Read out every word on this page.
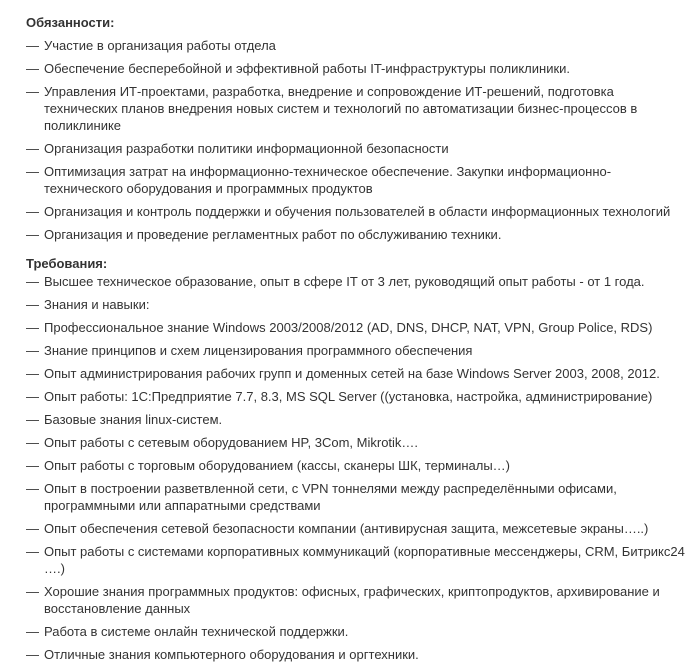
Обязанности:
— Участие в организация работы отдела
— Обеспечение бесперебойной и эффективной работы IT-инфраструктуры поликлиники.
— Управления ИТ-проектами, разработка, внедрение и сопровождение ИТ-решений, подготовка технических планов внедрения новых систем и технологий по автоматизации бизнес-процессов в поликлинике
— Организация разработки политики информационной безопасности
— Оптимизация затрат на информационно-техническое обеспечение. Закупки информационно-технического оборудования и программных продуктов
— Организация и контроль поддержки и обучения пользователей в области информационных технологий
— Организация и проведение регламентных работ по обслуживанию техники.
Требования:
— Высшее техническое образование, опыт в сфере IT от 3 лет, руководящий опыт работы - от 1 года.
— Знания и навыки:
— Профессиональное знание Windows 2003/2008/2012 (AD, DNS, DHCP, NAT, VPN, Group Police, RDS)
— Знание принципов и схем лицензирования программного обеспечения
— Опыт администрирования рабочих групп и доменных сетей на базе Windows Server 2003, 2008, 2012.
— Опыт работы: 1С:Предприятие 7.7, 8.3, MS SQL Server ((установка, настройка, администрирование)
— Базовые знания linux-систем.
— Опыт работы с сетевым оборудованием HP, 3Com, Mikrotik….
— Опыт работы с торговым оборудованием (кассы, сканеры ШК, терминалы…)
— Опыт в построении разветвленной сети, с VPN тоннелями между распределёнными офисами, программными или аппаратными средствами
— Опыт обеспечения сетевой безопасности компании (антивирусная защита, межсетевые экраны…..)
— Опыт работы с системами корпоративных коммуникаций (корпоративные мессенджеры, CRM, Битрикс24 ….)
— Хорошие знания программных продуктов: офисных, графических, криптопродуктов, архивирование и восстановление данных
— Работа в системе онлайн технической поддержки.
— Отличные знания компьютерного оборудования и оргтехники.
